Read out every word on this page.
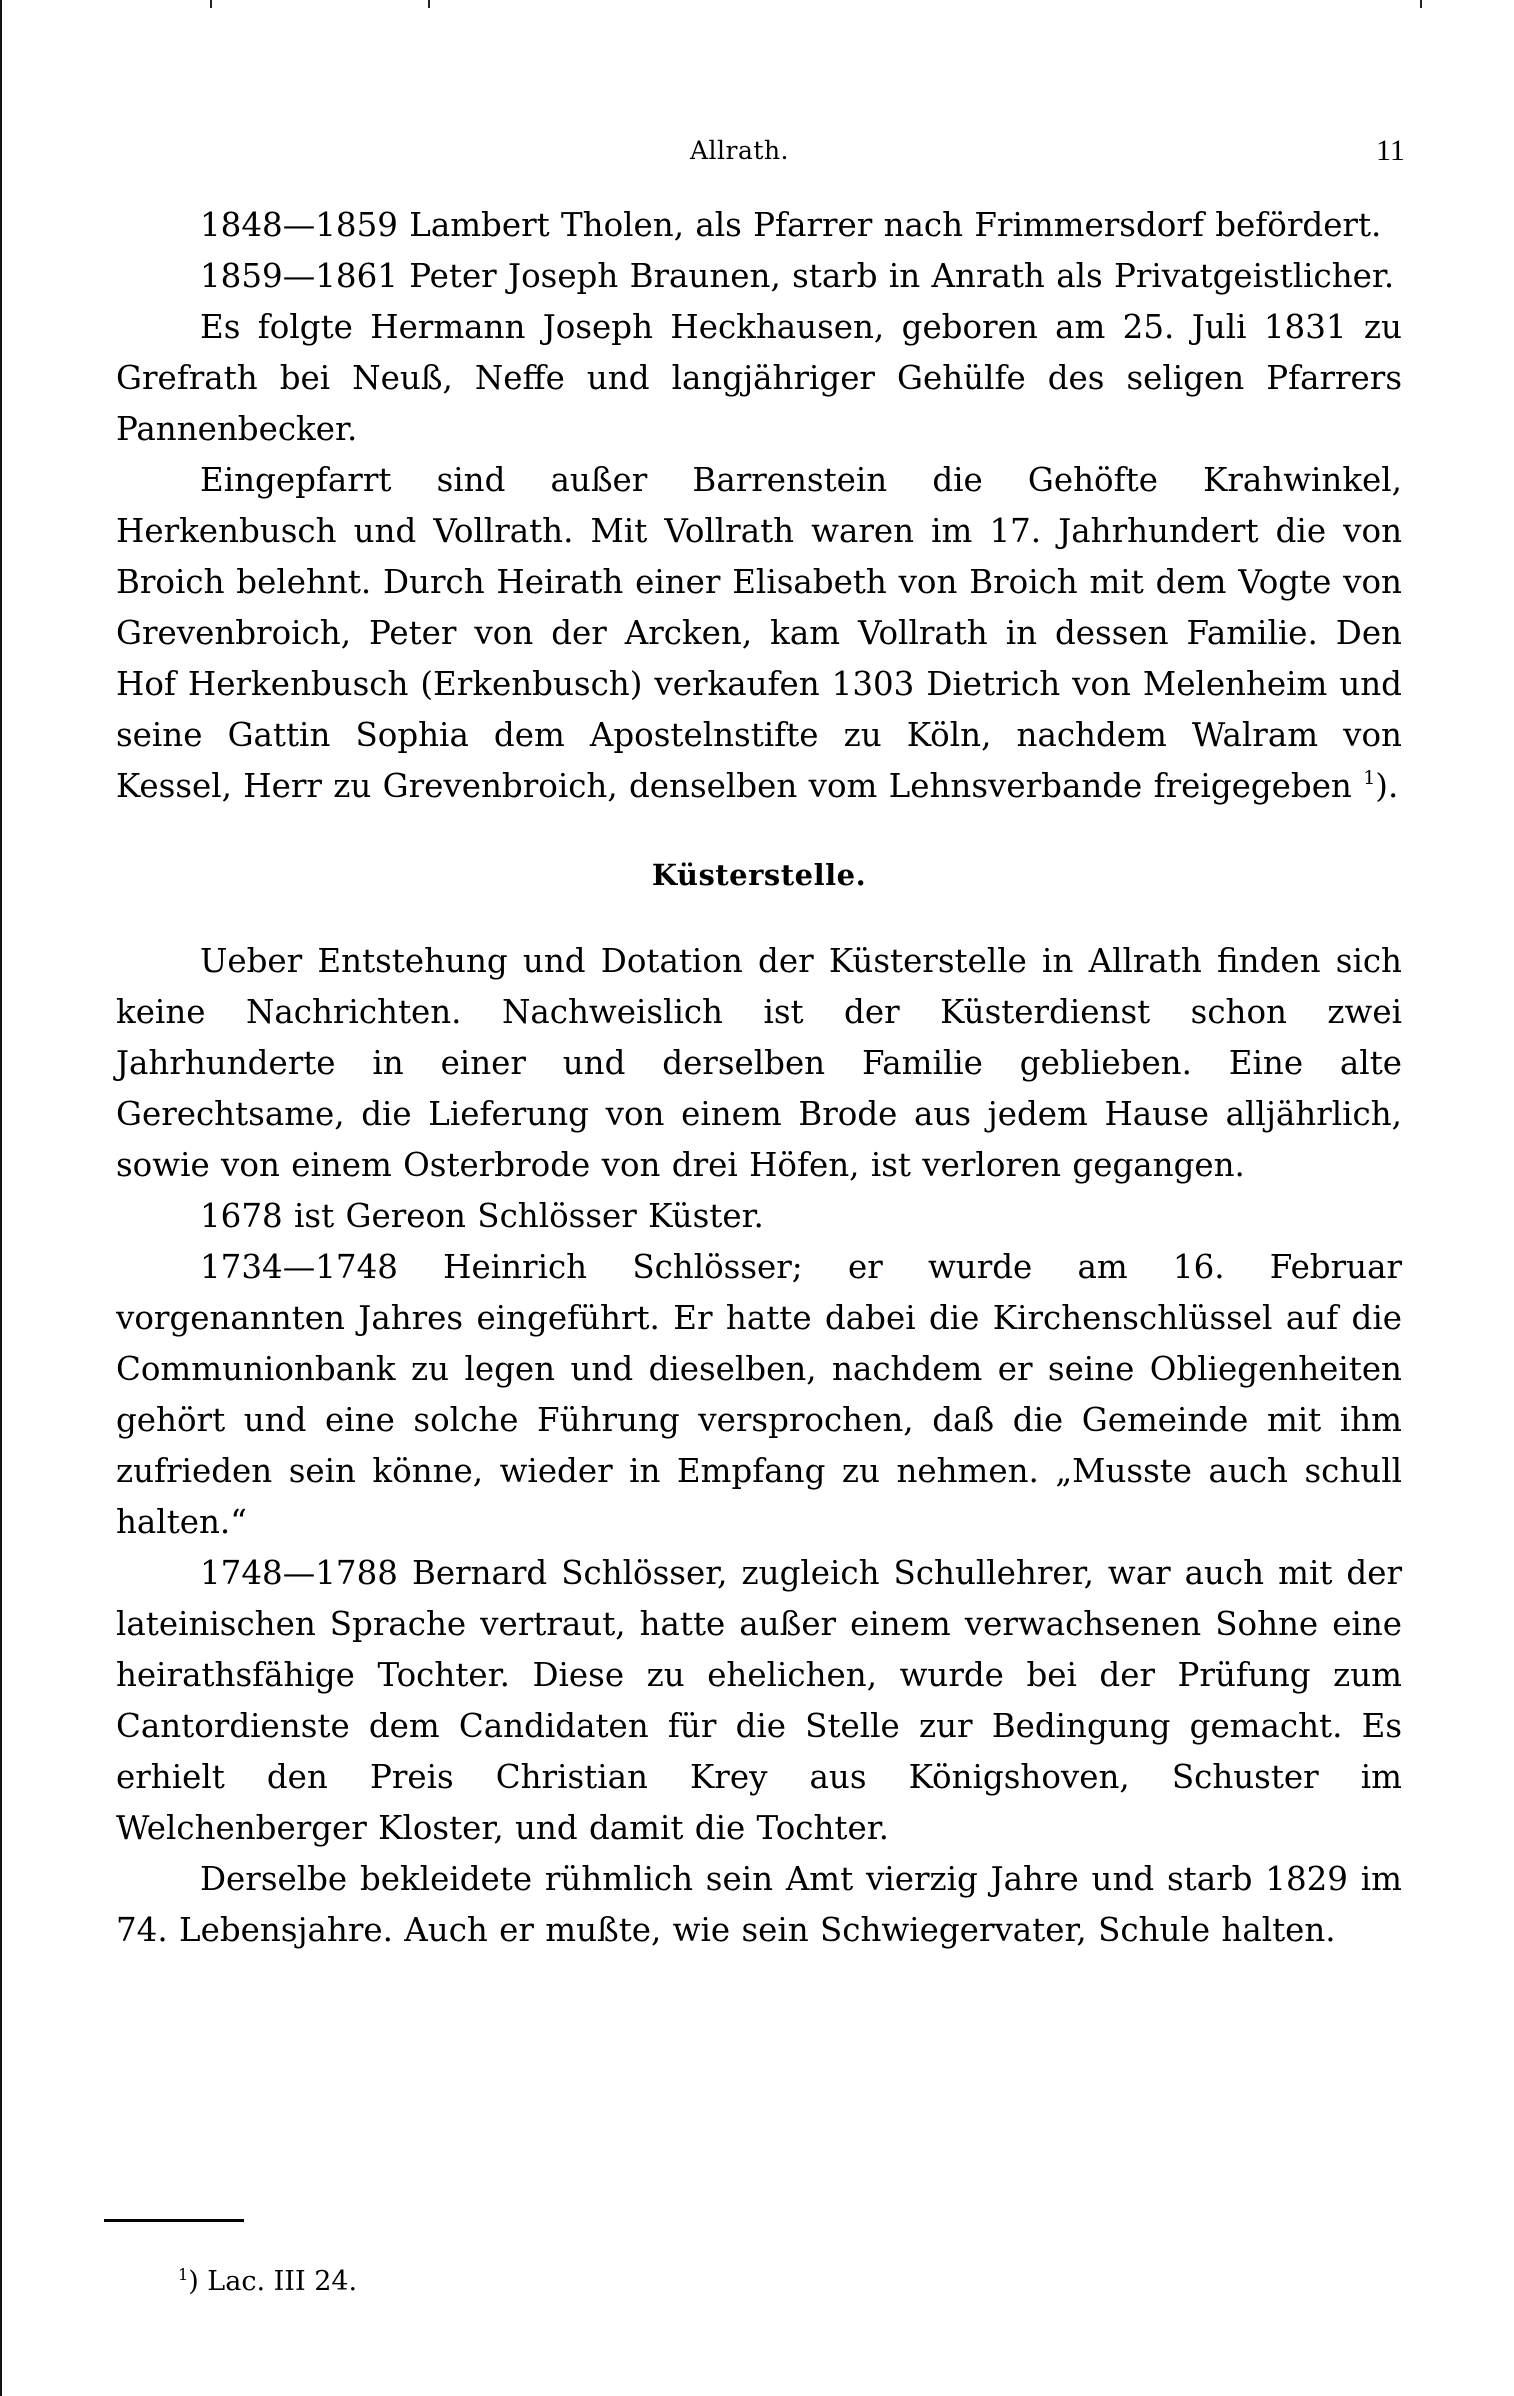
Allrath.	11

1848—1859 Lambert Tholen, als Pfarrer nach Frimmersdorf befördert.

1859—1861 Peter Joseph Braunen, starb in Anrath als Privatgeistlicher.

Es folgte Hermann Joseph Heckhausen, geboren am 25. Juli 1831 zu Grefrath bei Neuß, Neffe und langjähriger Gehülfe des seligen Pfarrers Pannenbecker.

Eingepfarrt sind außer Barrenstein die Gehöfte Krahwinkel, Herkenbusch und Vollrath. Mit Vollrath waren im 17. Jahrhundert die von Broich belehnt. Durch Heirath einer Elisabeth von Broich mit dem Vogte von Grevenbroich, Peter von der Arcken, kam Vollrath in dessen Familie. Den Hof Herkenbusch (Erkenbusch) verkaufen 1303 Dietrich von Melenheim und seine Gattin Sophia dem Apostelnstifte zu Köln, nachdem Walram von Kessel, Herr zu Grevenbroich, denselben vom Lehnsverbande freigegeben $^1$).

Küsterstelle.

Ueber Entstehung und Dotation der Küsterstelle in Allrath finden sich keine Nachrichten. Nachweislich ist der Küsterdienst schon zwei Jahrhunderte in einer und derselben Familie geblieben. Eine alte Gerechtsame, die Lieferung von einem Brode aus jedem Hause alljährlich, sowie von einem Osterbrode von drei Höfen, ist verloren gegangen.

1678 ist Gereon Schlösser Küster.

1734—1748 Heinrich Schlösser; er wurde am 16. Februar vorgenannten Jahres eingeführt. Er hatte dabei die Kirchenschlüssel auf die Communionbank zu legen und dieselben, nachdem er seine Obliegenheiten gehört und eine solche Führung versprochen, daß die Gemeinde mit ihm zufrieden sein könne, wieder in Empfang zu nehmen. „Musste auch schull halten.“

1748—1788 Bernard Schlösser, zugleich Schullehrer, war auch mit der lateinischen Sprache vertraut, hatte außer einem verwachsenen Sohne eine heirathsfähige Tochter. Diese zu ehelichen, wurde bei der Prüfung zum Cantordienste dem Candidaten für die Stelle zur Bedingung gemacht. Es erhielt den Preis Christian Krey aus Königshoven, Schuster im Welchenberger Kloster, und damit die Tochter.

Derselbe bekleidete rühmlich sein Amt vierzig Jahre und starb 1829 im 74. Lebensjahre. Auch er mußte, wie sein Schwiegervater, Schule halten.

$^1$) Lac. III 24.
